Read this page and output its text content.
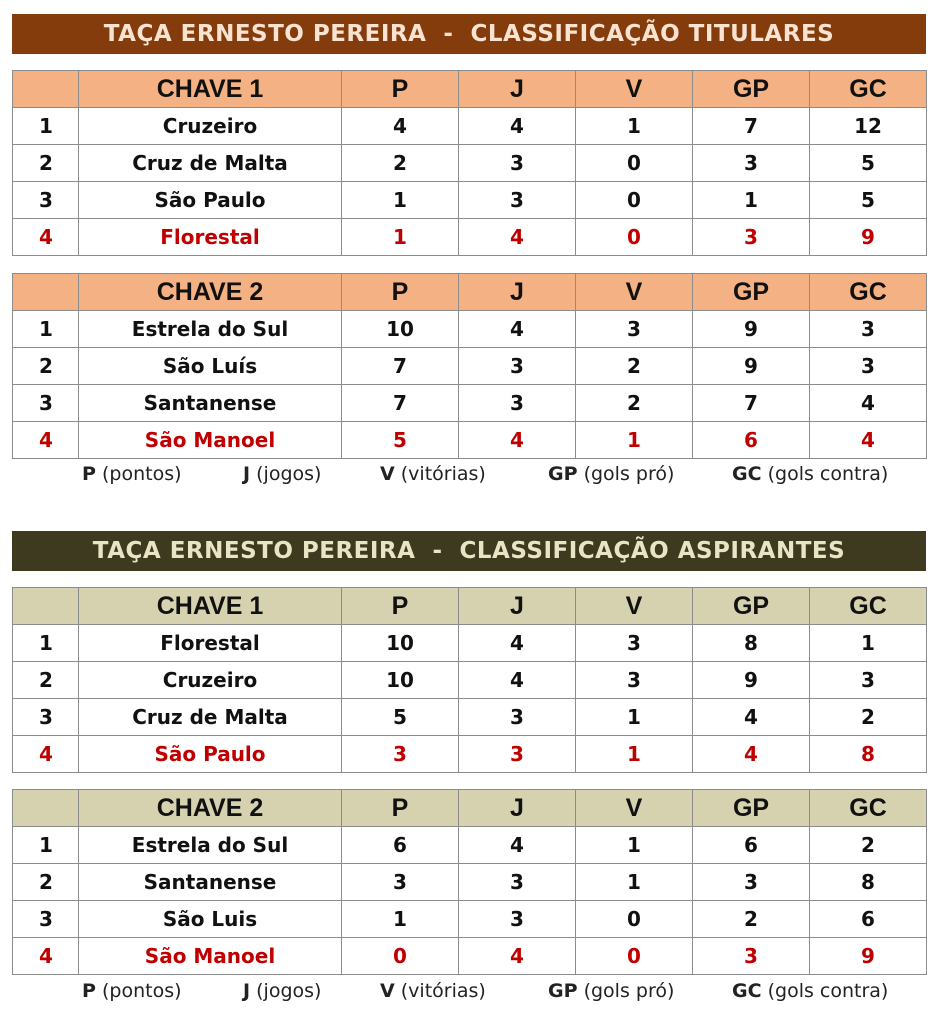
TAÇA ERNESTO PEREIRA  -  CLASSIFICAÇÃO TITULARES
	CHAVE 1	P	J	V	GP	GC
1	Cruzeiro	4	4	1	7	12
2	Cruz de Malta	2	3	0	3	5
3	São Paulo	1	3	0	1	5
4	Florestal	1	4	0	3	9
	CHAVE 2	P	J	V	GP	GC
1	Estrela do Sul	10	4	3	9	3
2	São Luís	7	3	2	9	3
3	Santanense	7	3	2	7	4
4	São Manoel	5	4	1	6	4
P (pontos)	J (jogos)	V (vitórias)	GP (gols pró)	GC (gols contra)
TAÇA ERNESTO PEREIRA  -  CLASSIFICAÇÃO ASPIRANTES
	CHAVE 1	P	J	V	GP	GC
1	Florestal	10	4	3	8	1
2	Cruzeiro	10	4	3	9	3
3	Cruz de Malta	5	3	1	4	2
4	São Paulo	3	3	1	4	8
	CHAVE 2	P	J	V	GP	GC
1	Estrela do Sul	6	4	1	6	2
2	Santanense	3	3	1	3	8
3	São Luis	1	3	0	2	6
4	São Manoel	0	4	0	3	9
P (pontos)	J (jogos)	V (vitórias)	GP (gols pró)	GC (gols contra)
